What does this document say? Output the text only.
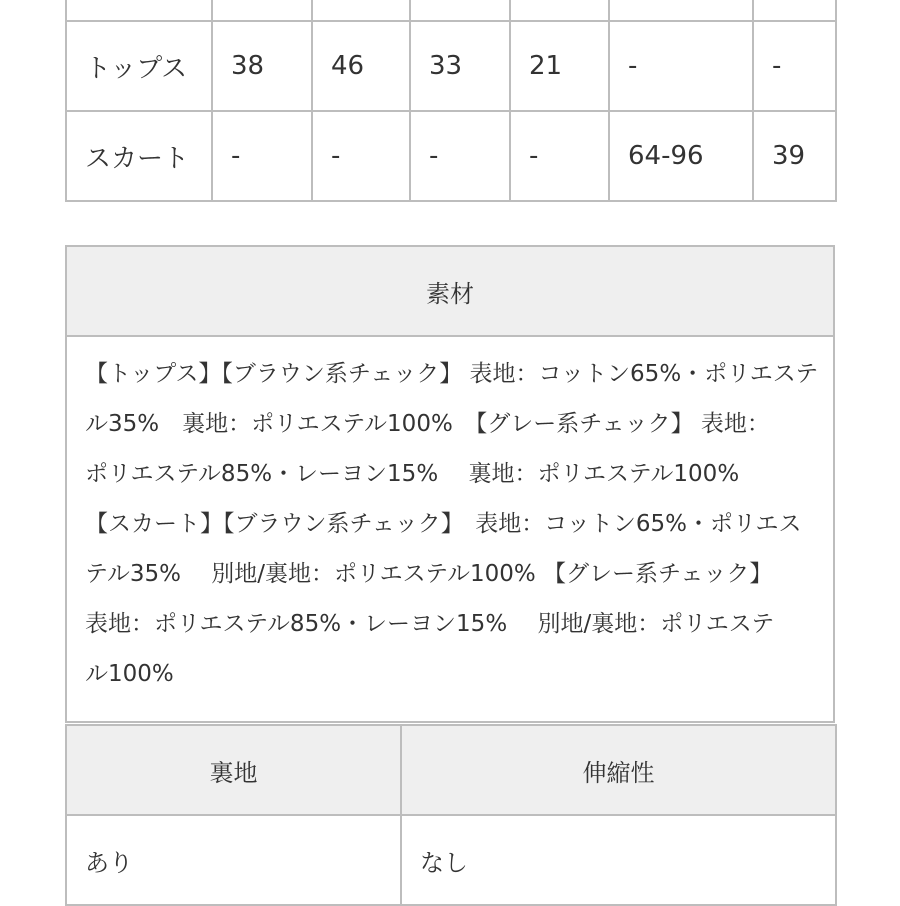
トップス	38	46	33	21	-	-
スカート	-	-	-	-	64-96	39
素材

【トップス】【ブラウン系チェック】 表地：コットン65%・ポリエステ
ル35%　裏地：ポリエステル100%　【グレー系チェック】 表地：
ポリエステル85%・レーヨン15%　 裏地：ポリエステル100%
【スカート】【ブラウン系チェック】　表地：コットン65%・ポリエス
テル35%　 別地/裏地：ポリエステル100% 【グレー系チェック】
表地：ポリエステル85%・レーヨン15%　 別地/裏地：ポリエステ
ル100%
裏地	伸縮性
あり	なし
